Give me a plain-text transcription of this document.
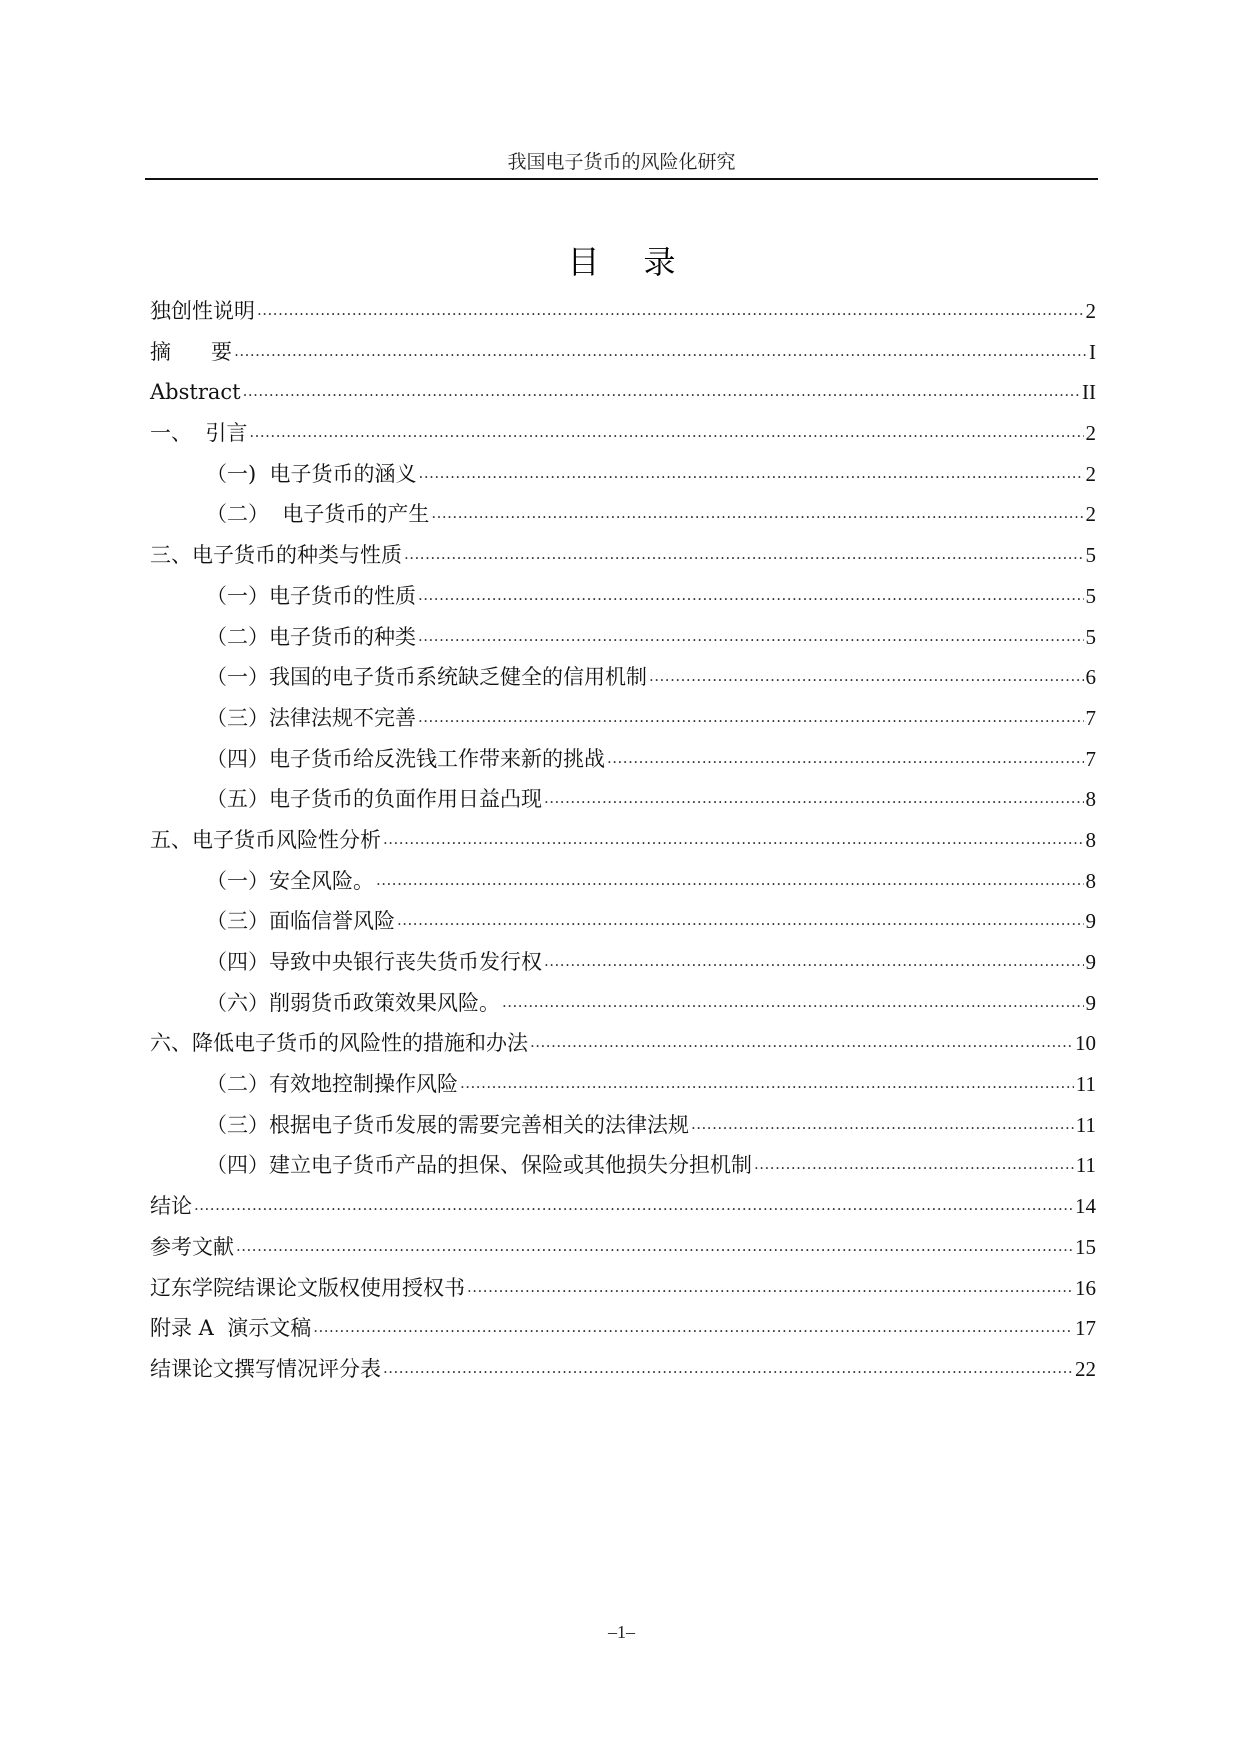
我国电子货币的风险化研究
目录
独创性说明 .....	2
摘      要 .....	I
Abstract .....	II
一、  引言 .....	2
（一)  电子货币的涵义 .....	2
（二）  电子货币的产生 .....	2
三、电子货币的种类与性质 .....	5
（一）电子货币的性质 .....	5
（二）电子货币的种类 .....	5
（一）我国的电子货币系统缺乏健全的信用机制 .....	6
（三）法律法规不完善 .....	7
（四）电子货币给反洗钱工作带来新的挑战 .....	7
（五）电子货币的负面作用日益凸现 .....	8
五、电子货币风险性分析 .....	8
（一）安全风险。 .....	8
（三）面临信誉风险 .....	9
（四）导致中央银行丧失货币发行权 .....	9
（六）削弱货币政策效果风险。 .....	9
六、降低电子货币的风险性的措施和办法 .....	10
（二）有效地控制操作风险 .....	11
（三）根据电子货币发展的需要完善相关的法律法规 .....	11
（四）建立电子货币产品的担保、保险或其他损失分担机制 .....	11
结论 .....	14
参考文献 .....	15
辽东学院结课论文版权使用授权书 .....	16
附录 A  演示文稿 .....	17
结课论文撰写情况评分表 .....	22
–1–
